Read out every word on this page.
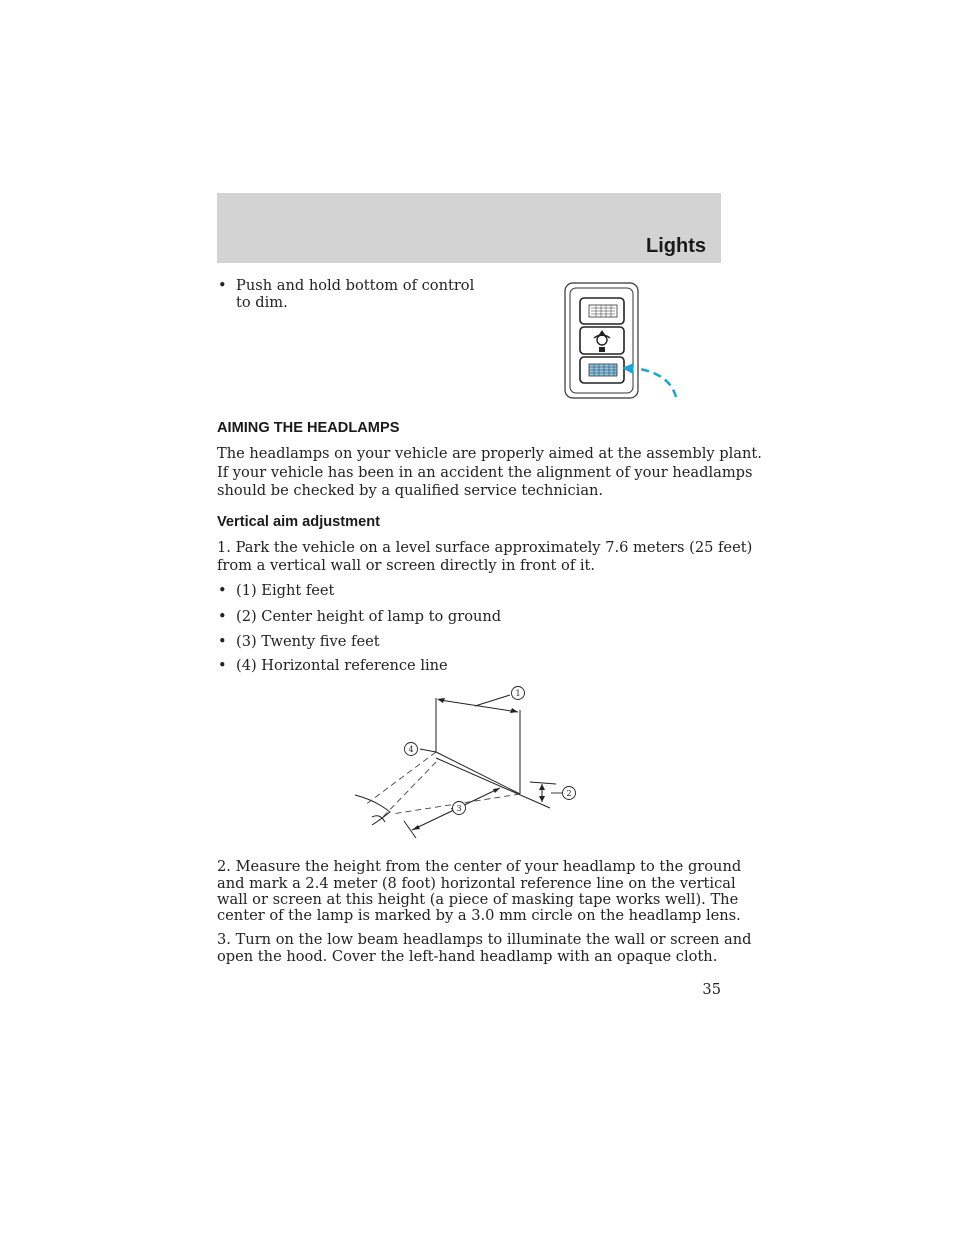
Lights
• Push and hold bottom of control
to dim.
AIMING THE HEADLAMPS

The headlamps on your vehicle are properly aimed at the assembly plant.

If your vehicle has been in an accident the alignment of your headlamps

should be checked by a qualified service technician.

Vertical aim adjustment

1. Park the vehicle on a level surface approximately 7.6 meters (25 feet)

from a vertical wall or screen directly in front of it.

• (1) Eight feet
• (2) Center height of lamp to ground
• (3) Twenty five feet
• (4) Horizontal reference line
1
4
2
3

2. Measure the height from the center of your headlamp to the ground

and mark a 2.4 meter (8 foot) horizontal reference line on the vertical

wall or screen at this height (a piece of masking tape works well). The

center of the lamp is marked by a 3.0 mm circle on the headlamp lens.

3. Turn on the low beam headlamps to illuminate the wall or screen and

open the hood. Cover the left-hand headlamp with an opaque cloth.

35
